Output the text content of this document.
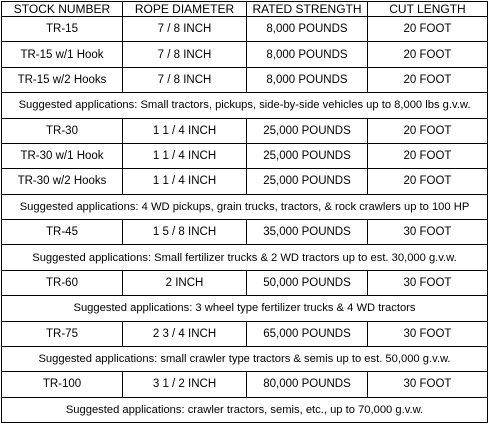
STOCK NUMBER	ROPE DIAMETER	RATED STRENGTH	CUT LENGTH
TR-15	7 / 8 INCH	8,000 POUNDS	20 FOOT
TR-15 w/1 Hook	7 / 8 INCH	8,000 POUNDS	20 FOOT
TR-15 w/2 Hooks	7 / 8 INCH	8,000 POUNDS	20 FOOT
Suggested applications: Small tractors, pickups, side-by-side vehicles up to 8,000 lbs g.v.w.			
TR-30	1 1 / 4 INCH	25,000 POUNDS	20 FOOT
TR-30 w/1 Hook	1 1 / 4 INCH	25,000 POUNDS	20 FOOT
TR-30 w/2 Hooks	1 1 / 4 INCH	25,000 POUNDS	20 FOOT
Suggested applications: 4 WD pickups, grain trucks, tractors, & rock crawlers up to 100 HP			
TR-45	1 5 / 8 INCH	35,000 POUNDS	30 FOOT
Suggested applications: Small fertilizer trucks & 2 WD tractors up to est. 30,000 g.v.w.			
TR-60	2 INCH	50,000 POUNDS	30 FOOT
Suggested applications: 3 wheel type fertilizer trucks & 4 WD tractors			
TR-75	2 3 / 4 INCH	65,000 POUNDS	30 FOOT
Suggested applications: small crawler type tractors & semis up to est. 50,000 g.v.w.			
TR-100	3 1 / 2 INCH	80,000 POUNDS	30 FOOT
Suggested applications: crawler tractors, semis, etc., up to 70,000 g.v.w.			
